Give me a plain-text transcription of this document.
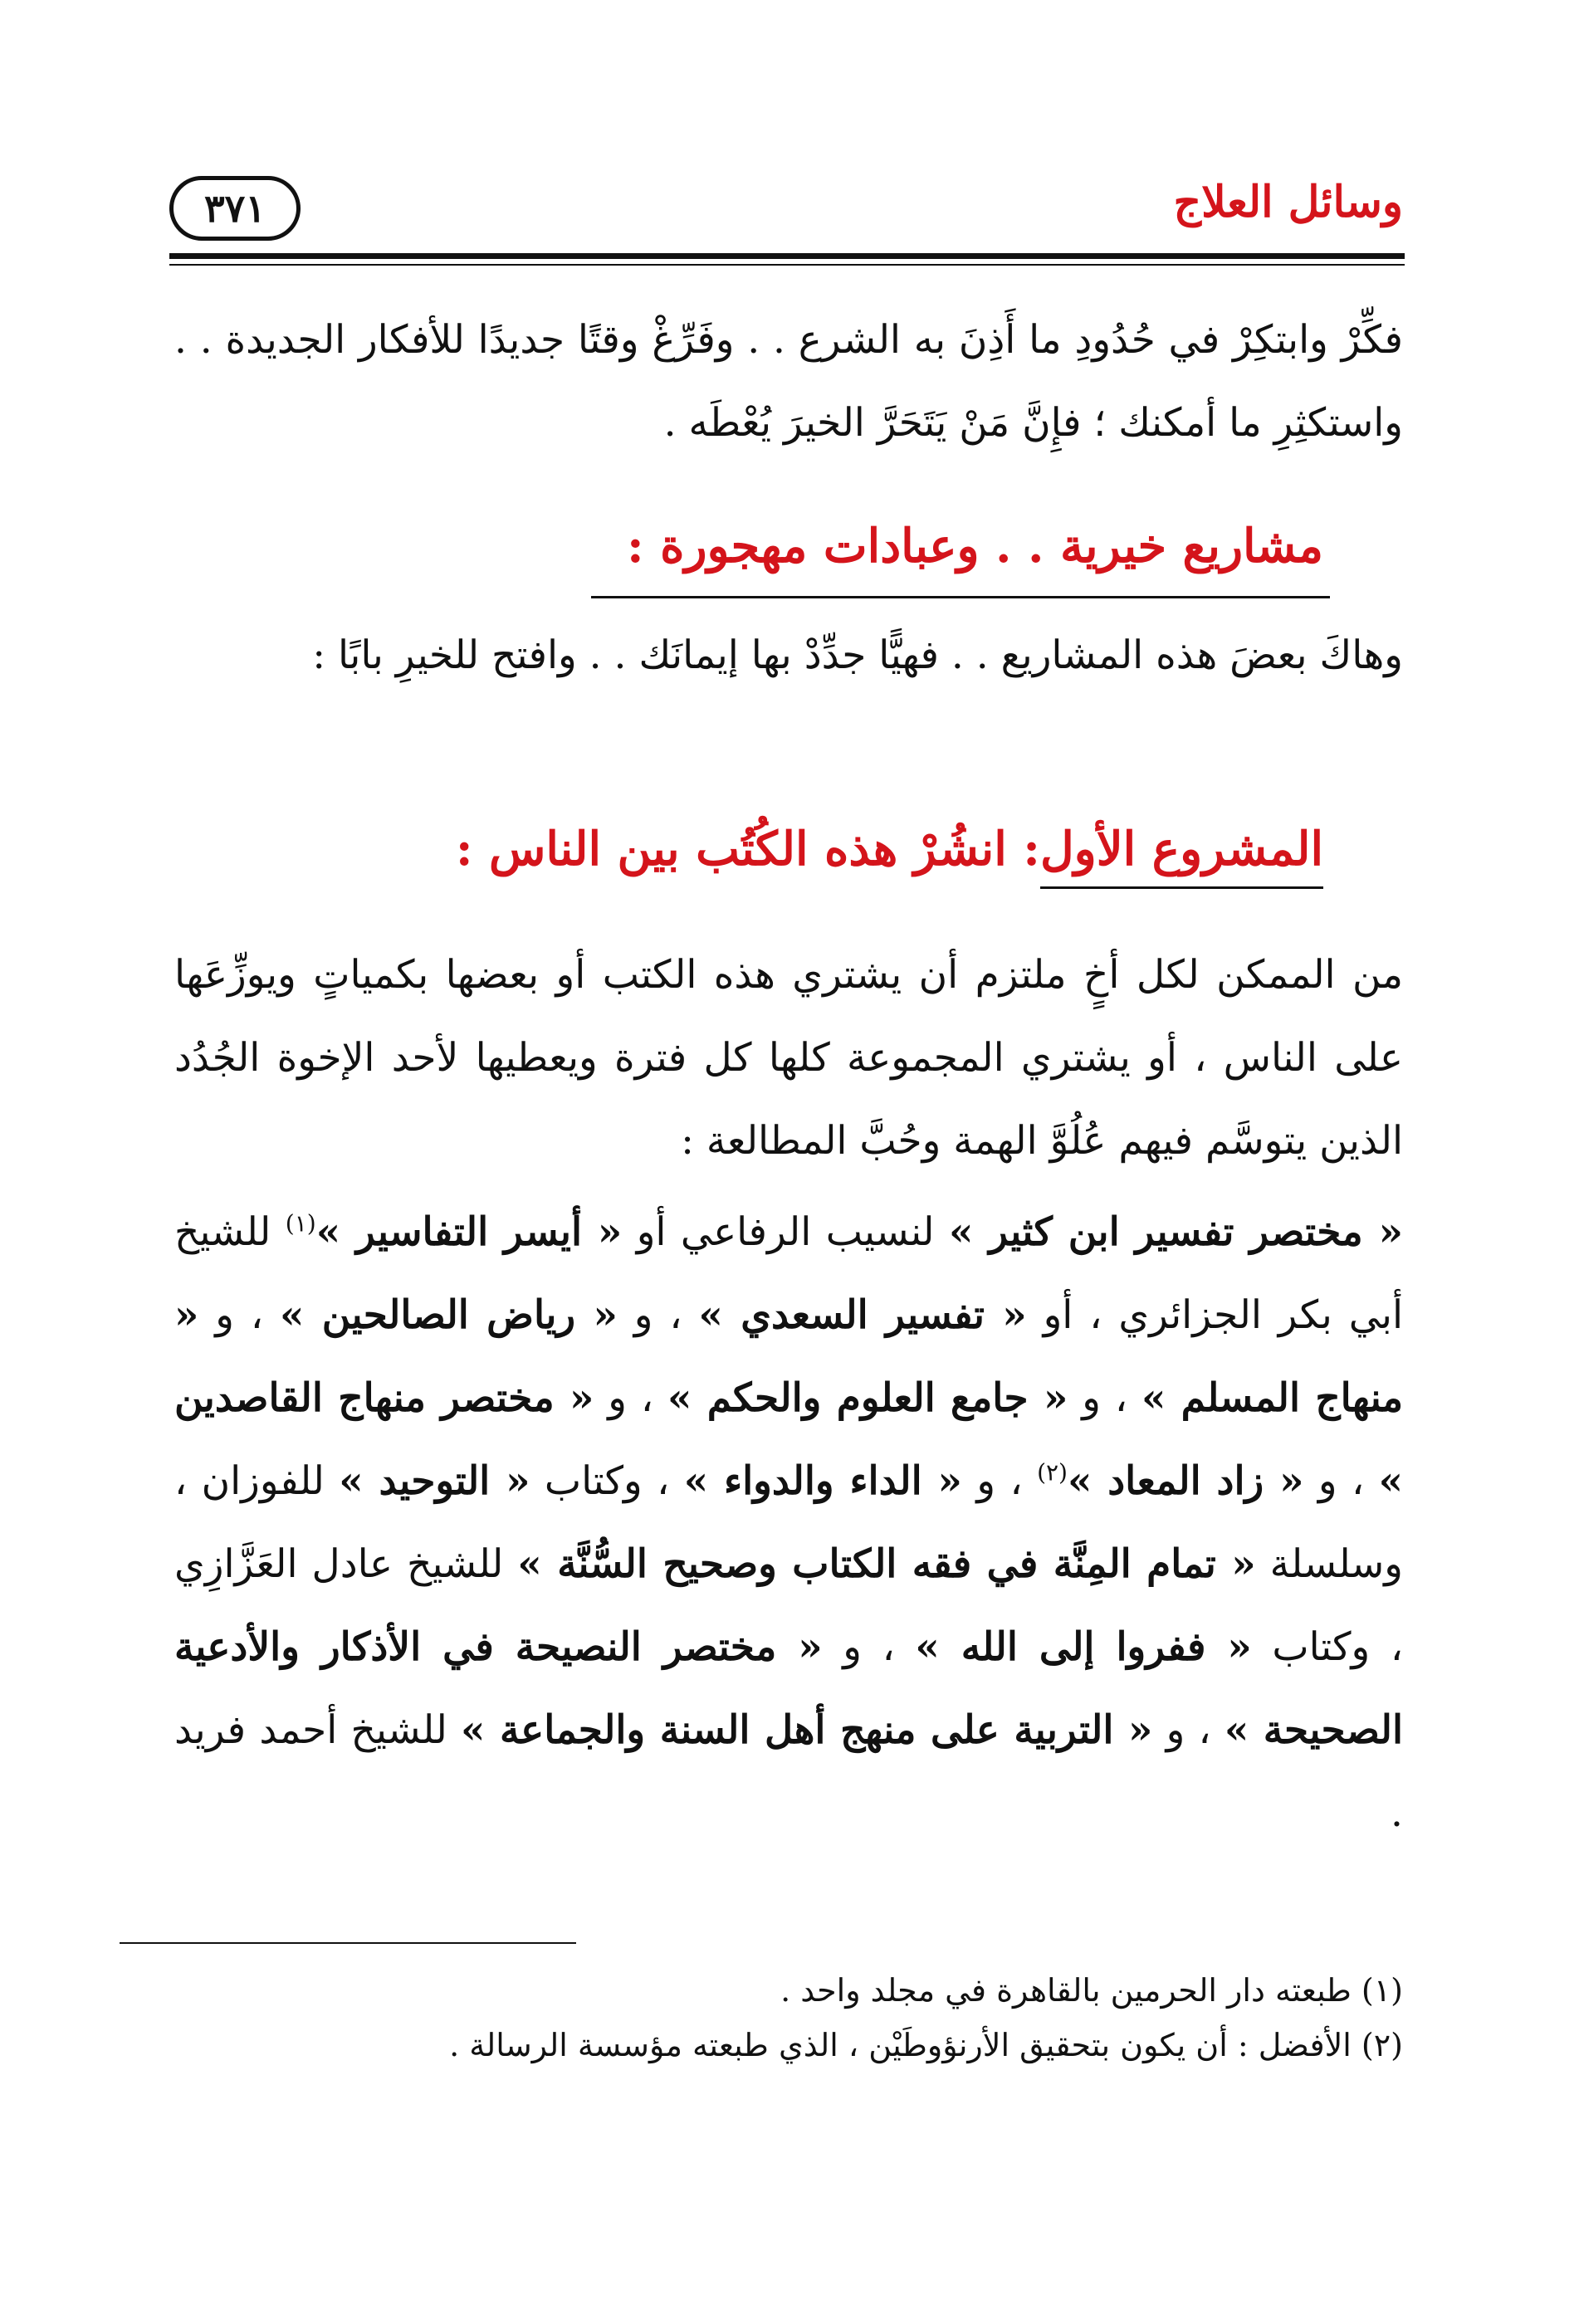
وسائل العلاج
٣٧١
فكِّرْ وابتكِرْ في حُدُودِ ما أَذِنَ به الشرع . . وفَرِّغْ وقتًا جديدًا للأفكار الجديدة . . واستكثِرِ ما أمكنك ؛ فإِنَّ مَنْ يَتَحَرَّ الخيرَ يُعْطَه .
مشاريع خيرية . . وعبادات مهجورة :
وهاكَ بعضَ هذه المشاريع . . فهيًّا جدِّدْ بها إيمانَك . . وافتح للخيرِ بابًا :
المشروع الأول: انشُرْ هذه الكُتُب بين الناس :
من الممكن لكل أخٍ ملتزم أن يشتري هذه الكتب أو بعضها بكمياتٍ ويوزِّعَها على الناس ، أو يشتري المجموعة كلها كل فترة ويعطيها لأحد الإخوة الجُدُد الذين يتوسَّم فيهم عُلُوَّ الهمة وحُبَّ المطالعة :
« مختصر تفسير ابن كثير » لنسيب الرفاعي أو « أيسر التفاسير »$^{(١)}$ للشيخ أبي بكر الجزائري ، أو « تفسير السعدي » ، و « رياض الصالحين » ، و « منهاج المسلم » ، و « جامع العلوم والحكم » ، و « مختصر منهاج القاصدين » ، و « زاد المعاد »$^{(٢)}$ ، و « الداء والدواء » ، وكتاب « التوحيد » للفوزان ، وسلسلة « تمام المِنَّة في فقه الكتاب وصحيح السُّنَّة » للشيخ عادل العَزَّازِي ، وكتاب « ففروا إلى الله » ، و « مختصر النصيحة في الأذكار والأدعية الصحيحة » ، و « التربية على منهج أهل السنة والجماعة » للشيخ أحمد فريد .
(١) طبعته دار الحرمين بالقاهرة في مجلد واحد .
(٢) الأفضل : أن يكون بتحقيق الأرنؤوطَيْن ، الذي طبعته مؤسسة الرسالة .
